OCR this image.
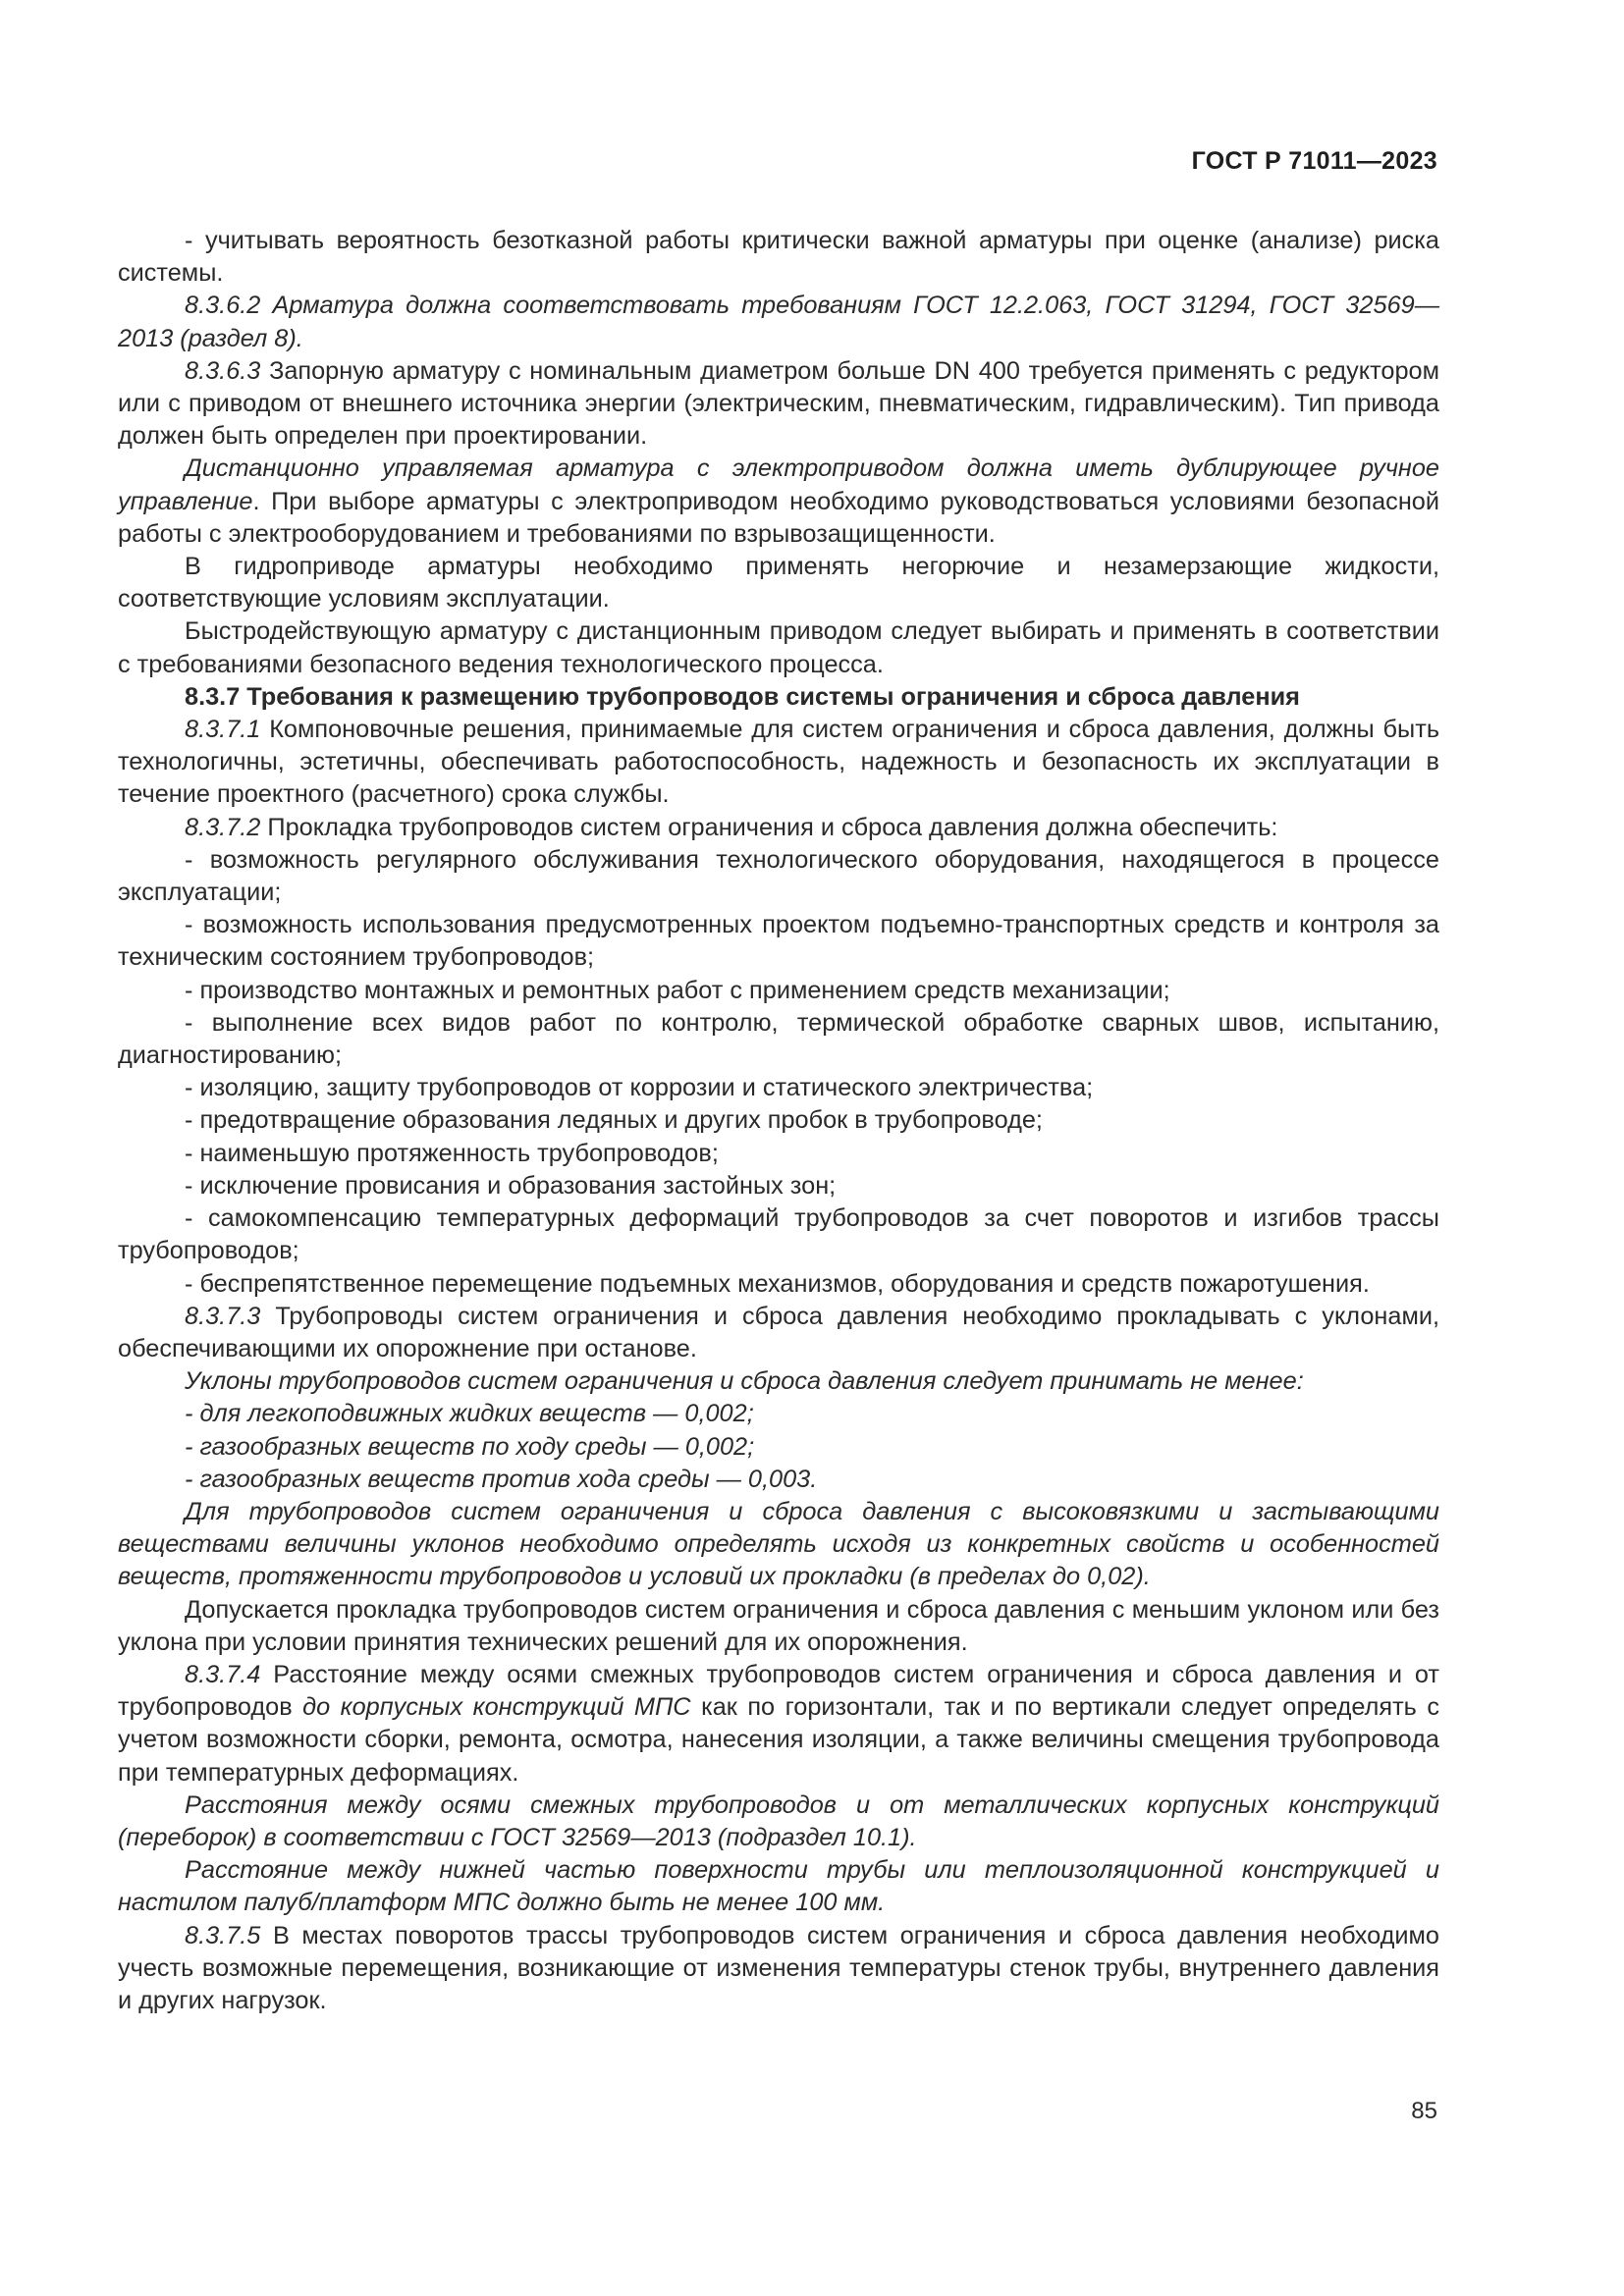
ГОСТ Р 71011—2023

- учитывать вероятность безотказной работы критически важной арматуры при оценке (анализе) риска системы.

8.3.6.2 Арматура должна соответствовать требованиям ГОСТ 12.2.063, ГОСТ 31294, ГОСТ 32569—2013 (раздел 8).

8.3.6.3 Запорную арматуру с номинальным диаметром больше DN 400 требуется применять с редуктором или с приводом от внешнего источника энергии (электрическим, пневматическим, гидравлическим). Тип привода должен быть определен при проектировании.

Дистанционно управляемая арматура с электроприводом должна иметь дублирующее ручное управление. При выборе арматуры с электроприводом необходимо руководствоваться условиями безопасной работы с электрооборудованием и требованиями по взрывозащищенности.

В гидроприводе арматуры необходимо применять негорючие и незамерзающие жидкости, соответствующие условиям эксплуатации.

Быстродействующую арматуру с дистанционным приводом следует выбирать и применять в соответствии с требованиями безопасного ведения технологического процесса.

8.3.7 Требования к размещению трубопроводов системы ограничения и сброса давления

8.3.7.1 Компоновочные решения, принимаемые для систем ограничения и сброса давления, должны быть технологичны, эстетичны, обеспечивать работоспособность, надежность и безопасность их эксплуатации в течение проектного (расчетного) срока службы.

8.3.7.2 Прокладка трубопроводов систем ограничения и сброса давления должна обеспечить:

- возможность регулярного обслуживания технологического оборудования, находящегося в процессе эксплуатации;

- возможность использования предусмотренных проектом подъемно-транспортных средств и контроля за техническим состоянием трубопроводов;

- производство монтажных и ремонтных работ с применением средств механизации;

- выполнение всех видов работ по контролю, термической обработке сварных швов, испытанию, диагностированию;

- изоляцию, защиту трубопроводов от коррозии и статического электричества;

- предотвращение образования ледяных и других пробок в трубопроводе;

- наименьшую протяженность трубопроводов;

- исключение провисания и образования застойных зон;

- самокомпенсацию температурных деформаций трубопроводов за счет поворотов и изгибов трассы трубопроводов;

- беспрепятственное перемещение подъемных механизмов, оборудования и средств пожаротушения.

8.3.7.3 Трубопроводы систем ограничения и сброса давления необходимо прокладывать с уклонами, обеспечивающими их опорожнение при останове.

Уклоны трубопроводов систем ограничения и сброса давления следует принимать не менее:

- для легкоподвижных жидких веществ — 0,002;

- газообразных веществ по ходу среды — 0,002;

- газообразных веществ против хода среды — 0,003.

Для трубопроводов систем ограничения и сброса давления с высоковязкими и застывающими веществами величины уклонов необходимо определять исходя из конкретных свойств и особенностей веществ, протяженности трубопроводов и условий их прокладки (в пределах до 0,02).

Допускается прокладка трубопроводов систем ограничения и сброса давления с меньшим уклоном или без уклона при условии принятия технических решений для их опорожнения.

8.3.7.4 Расстояние между осями смежных трубопроводов систем ограничения и сброса давления и от трубопроводов до корпусных конструкций МПС как по горизонтали, так и по вертикали следует определять с учетом возможности сборки, ремонта, осмотра, нанесения изоляции, а также величины смещения трубопровода при температурных деформациях.

Расстояния между осями смежных трубопроводов и от металлических корпусных конструкций (переборок) в соответствии с ГОСТ 32569—2013 (подраздел 10.1).

Расстояние между нижней частью поверхности трубы или теплоизоляционной конструкцией и настилом палуб/платформ МПС должно быть не менее 100 мм.

8.3.7.5 В местах поворотов трассы трубопроводов систем ограничения и сброса давления необходимо учесть возможные перемещения, возникающие от изменения температуры стенок трубы, внутреннего давления и других нагрузок.

85
